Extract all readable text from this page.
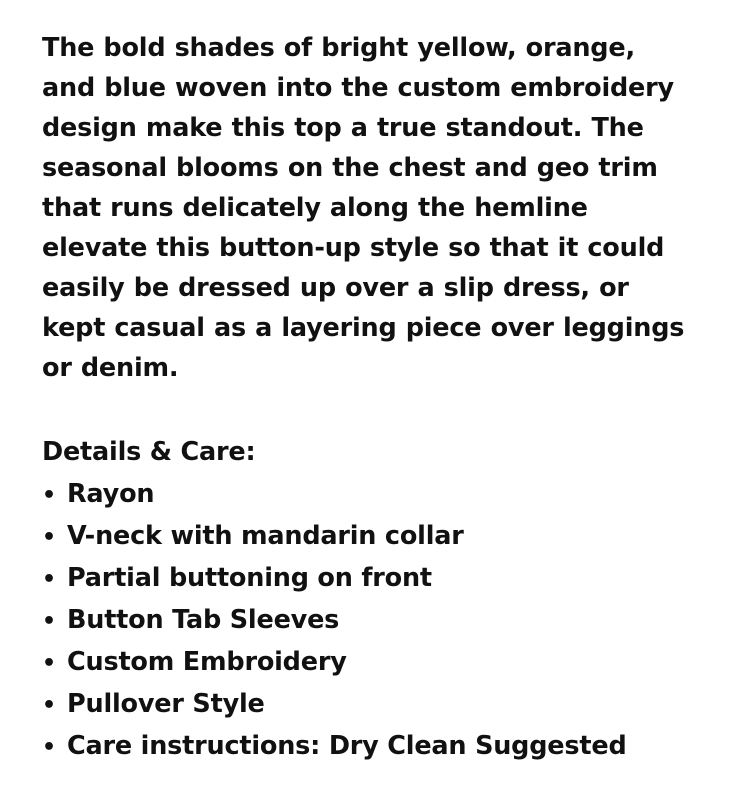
The bold shades of bright yellow, orange, and blue woven into the custom embroidery design make this top a true standout. The seasonal blooms on the chest and geo trim that runs delicately along the hemline elevate this button-up style so that it could easily be dressed up over a slip dress, or kept casual as a layering piece over leggings or denim.

Details & Care:

• Rayon
• V-neck with mandarin collar
• Partial buttoning on front
• Button Tab Sleeves
• Custom Embroidery
• Pullover Style
• Care instructions: Dry Clean Suggested
